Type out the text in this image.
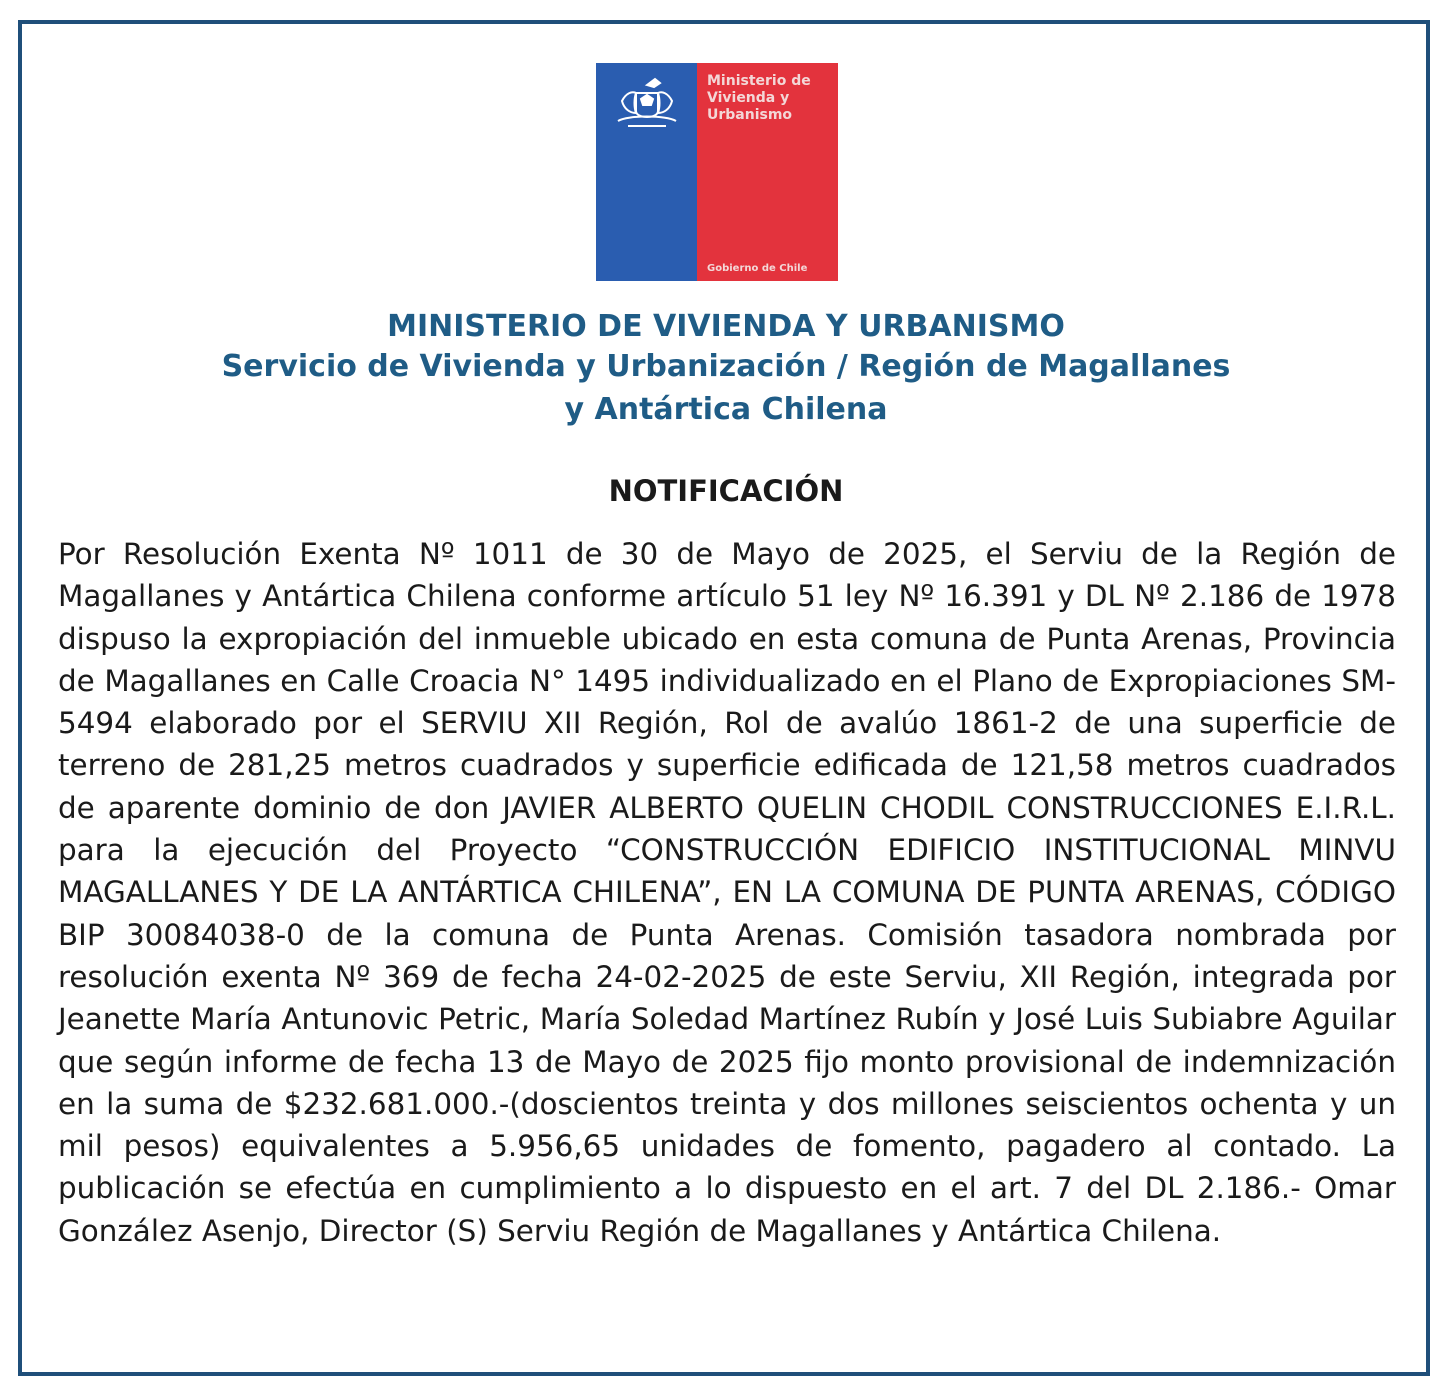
Ministerio de
Vivienda y
Urbanismo
Gobierno de Chile
MINISTERIO DE VIVIENDA Y URBANISMO
Servicio de Vivienda y Urbanización / Región de Magallanes
y Antártica Chilena
NOTIFICACIÓN

Por Resolución Exenta Nº 1011 de 30 de Mayo de 2025, el Serviu de la Región de Magallanes y Antártica Chilena conforme artículo 51 ley Nº 16.391 y DL Nº 2.186 de 1978 dispuso la expropiación del inmueble ubicado en esta comuna de Punta Arenas, Provincia de Magallanes en Calle Croacia N° 1495 individualizado en el Plano de Expropiaciones SM-5494 elaborado por el SERVIU XII Región, Rol de avalúo 1861-2 de una superficie de terreno de 281,25 metros cuadrados y superficie edificada de 121,58 metros cuadrados de aparente dominio de don JAVIER ALBERTO QUELIN CHODIL CONSTRUCCIONES E.I.R.L. para la ejecución del Proyecto “CONSTRUCCIÓN EDIFICIO INSTITUCIONAL MINVU MAGALLANES Y DE LA ANTÁRTICA CHILENA”, EN LA COMUNA DE PUNTA ARENAS, CÓDIGO BIP 30084038-0 de la comuna de Punta Arenas. Comisión tasadora nombrada por resolución exenta Nº 369 de fecha 24-02-2025 de este Serviu, XII Región, integrada por Jeanette María Antunovic Petric, María Soledad Martínez Rubín y José Luis Subiabre Aguilar que según informe de fecha 13 de Mayo de 2025 fijo monto provisional de indemnización en la suma de $232.681.000.-(doscientos treinta y dos millones seiscientos ochenta y un mil pesos) equivalentes a 5.956,65 unidades de fomento, pagadero al contado. La publicación se efectúa en cumplimiento a lo dispuesto en el art. 7 del DL 2.186.- Omar González Asenjo, Director (S) Serviu Región de Magallanes y Antártica Chilena.
